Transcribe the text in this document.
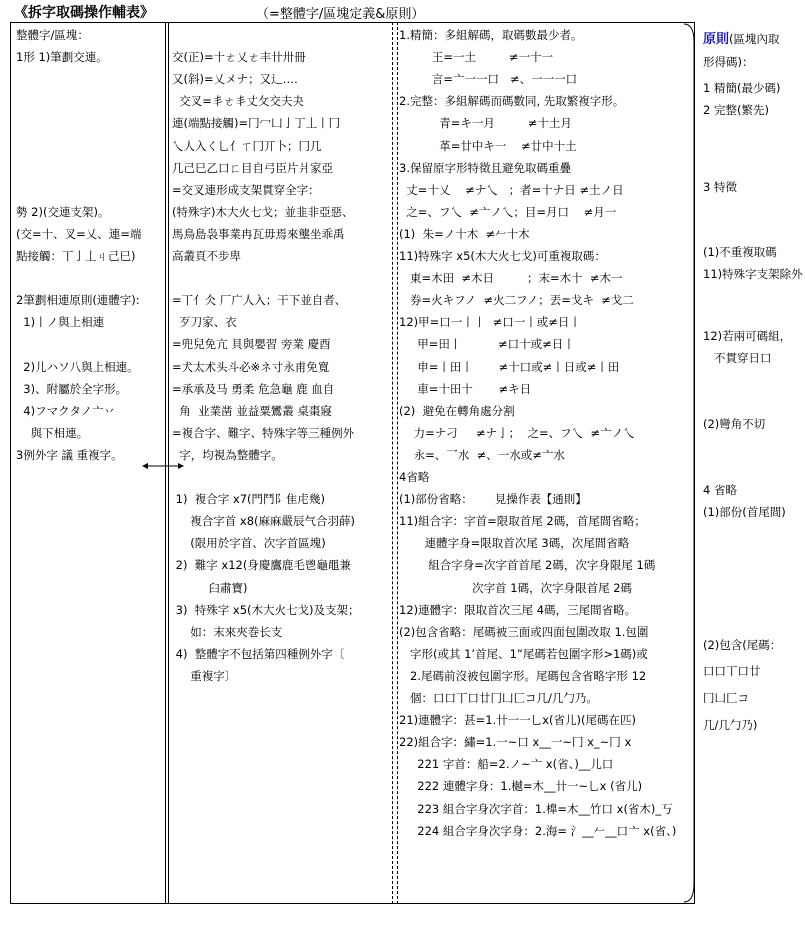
《拆字取碼操作輔表》	（=整體字/區塊定義&原則）
整體字/區塊：
1形 1)筆劃交連。
勢 2)(交連支架)。
(交=十、叉=乂、連=端
點接觸：丅亅丄ㄐ己巳)
2筆劃相連原則(連體字):
1)丨ノ與上相連
2)儿ハソ八與上相連。
3)、附屬於全字形。
4)フマクタノ亠丷
與下相連。
3例外字 議 重複字。
交(正)=十ㄜ乂ㄜ丰卄卅冊
又(斜)=乂メナ；又辶….
交叉=丯ㄜ丯丈攵交夫夬
連(端點接觸)=冂冖凵亅丁丄丨冂
乀人入く乚亻ㄒ冂丌卜；冂几
几己巳乙口ㄈ目自弓臣片爿家亞
=交叉連形成支架貫穿全字：
(特殊字)木大火七戈；並韭非亞惡、
馬鳥島袅事業冉瓦毋焉來壟坐乖禹
高叢頁不步卑
=丅亻仌 厂广人入；干下並自者、
歹刀家、衣
=兜兒免亢 貝與嬰習 旁業 慶酉
=犬太术头斗必※ネ寸永甫免寬
=承承及马 勇柔 危急龜 鹿 血自
角  业業凿 並益粟鸞叢 桌棗寢
=複合字、難字、特殊字等三種例外
字，均視為整體字。
1)  複合字 x7(門鬥阝隹虍幾)
複合字首 x8(麻麻嚴辰气合羽薛)
(限用於字首、次字首區塊)
2)  難字 x12(身慶鷹鹿毛鬯龜黽兼
臼肅寶)
3)  特殊字 x5(木大火七戈)及支架；
如：末來夾巻长支
4)  整體字不包括第四種例外字〔
重複字〕
1.精簡：多組解碼，取碼數最少者。
王=一土         ≠一十一
言=亠一一口   ≠、一一一口
2.完整：多組解碼而碼數同, 先取繁複字形。
青=キ一月         ≠十土月
革=廿中キ一    ≠廿中十土
3.保留原字形特徵且避免取碼重疊
丈=十乂    ≠ナ乀   ；者=十ナ日 ≠土ノ日
之=、フ乀  ≠亠ノ乀；目=月口    ≠月一
(1)  朱=ノ十木  ≠𠂉十木
11)特殊字 x5(木大火七戈)可重複取碼：
東=木田  ≠木日         ；末=木十  ≠木一
券=火キフノ  ≠火二フノ；丟=戈キ  ≠戈二
12)甲=口一丨丨  ≠口一丨或≠日丨
甲=田丨          ≠口十或≠日丨
申=丨田丨       ≠十口或≠丨日或≠丨田
車=十田十       ≠キ日
(2)  避免在轉角處分割
力=ナ刁     ≠ナ亅；  之=、フ乀  ≠亠ノ乀
永=、乛水  ≠、一水或≠亠水
4省略
(1)部份省略：      見操作表【通則】
11)組合字：字首=限取首尾 2碼，首尾間省略；
連體字身=限取首次尾 3碼，次尾間省略
組合字身=次字首首尾 2碼，次字身限尾 1碼
次字首 1碼，次字身限首尾 2碼
12)連體字：限取首次三尾 4碼，三尾間省略。
(2)包含省略：尾碼被三面或四面包圍改取 1.包圍
字形(或其 1’首尾、1”尾碼若包圍字形>1碼)或
2.尾碼前沒被包圍字形。尾碼包含省略字形 12
個：口口丅口廿冂凵匚コ几/几勹乃。
21)連體字：甚=1.卄一一乚x(省儿)(尾碼在匹)
22)組合字：繡=1.一~口 x__一~冂 x_~冂 x
221 字首：船=2.ノ~亠 x(省、)__儿口
222 連體字身：1.樾=木__卄一~乚x (省儿)
223 組合字身次字首：1.橰=木__竹口 x(省木)_丂
224 組合字身次字身：2.海= 氵__𠂉__口亠 x(省、)
原則(區塊內取
形得碼)：
1 精簡(最少碼)
2 完整(繁先)
3 特徵
(1)不重複取碼
11)特殊字支架除外
12)若兩可碼組，
不貫穿日口
(2)彎角不切
4 省略
(1)部份(首尾間)
(2)包含(尾碼：
口口丅口廿
冂凵匚コ
几/几勹乃)
